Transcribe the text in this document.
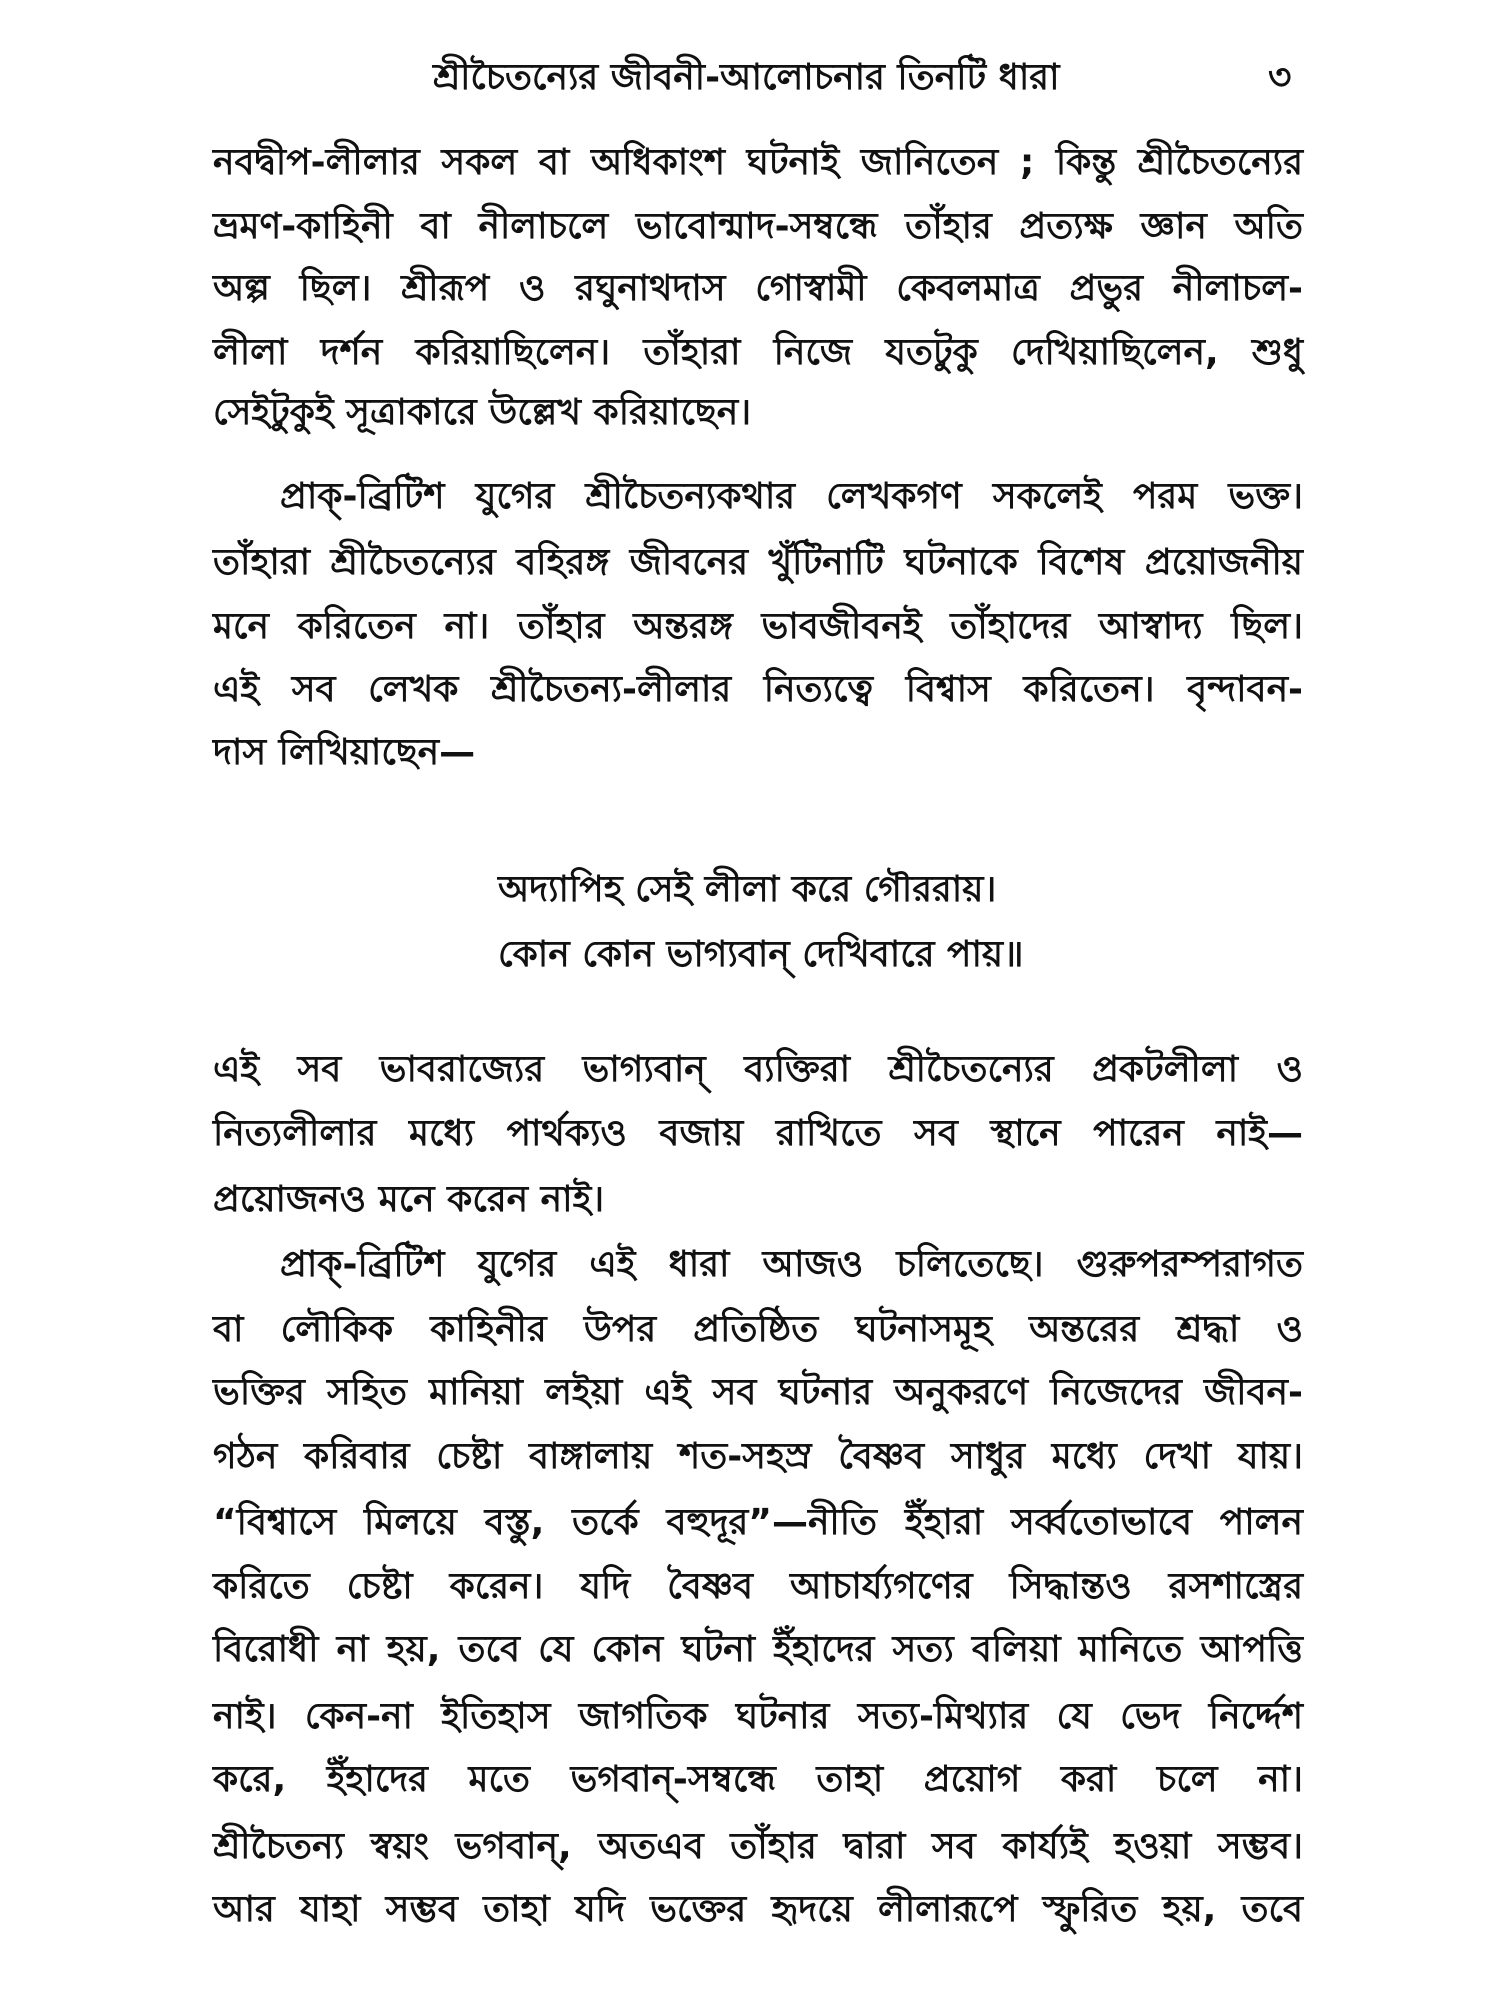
শ্রীচৈতন্যের জীবনী-আলোচনার তিনটি ধারা	৩
নবদ্বীপ-লীলার সকল বা অধিকাংশ ঘটনাই জানিতেন ; কিন্তু শ্রীচৈতন্যের
ভ্রমণ-কাহিনী বা নীলাচলে ভাবোন্মাদ-সম্বন্ধে তাঁহার প্রত্যক্ষ জ্ঞান অতি
অল্প ছিল। শ্রীরূপ ও রঘুনাথদাস গোস্বামী কেবলমাত্র প্রভুর নীলাচল-
লীলা দর্শন করিয়াছিলেন। তাঁহারা নিজে যতটুকু দেখিয়াছিলেন, শুধু
সেইটুকুই সূত্রাকারে উল্লেখ করিয়াছেন।
প্রাক্-ব্রিটিশ যুগের শ্রীচৈতন্যকথার লেখকগণ সকলেই পরম ভক্ত।
তাঁহারা শ্রীচৈতন্যের বহিরঙ্গ জীবনের খুঁটিনাটি ঘটনাকে বিশেষ প্রয়োজনীয়
মনে করিতেন না। তাঁহার অন্তরঙ্গ ভাবজীবনই তাঁহাদের আস্বাদ্য ছিল।
এই সব লেখক শ্রীচৈতন্য-লীলার নিত্যত্বে বিশ্বাস করিতেন। বৃন্দাবন-
দাস লিখিয়াছেন—
অদ্যাপিহ সেই লীলা করে গৌররায়।
কোন কোন ভাগ্যবান্ দেখিবারে পায়॥
এই সব ভাবরাজ্যের ভাগ্যবান্ ব্যক্তিরা শ্রীচৈতন্যের প্রকটলীলা ও
নিত্যলীলার মধ্যে পার্থক্যও বজায় রাখিতে সব স্থানে পারেন নাই—
প্রয়োজনও মনে করেন নাই।
প্রাক্-ব্রিটিশ যুগের এই ধারা আজও চলিতেছে। গুরুপরম্পরাগত
বা লৌকিক কাহিনীর উপর প্রতিষ্ঠিত ঘটনাসমূহ অন্তরের শ্রদ্ধা ও
ভক্তির সহিত মানিয়া লইয়া এই সব ঘটনার অনুকরণে নিজেদের জীবন-
গঠন করিবার চেষ্টা বাঙ্গালায় শত-সহস্র বৈষ্ণব সাধুর মধ্যে দেখা যায়।
“বিশ্বাসে মিলয়ে বস্তু, তর্কে বহুদূর”—নীতি ইঁহারা সর্ব্বতোভাবে পালন
করিতে চেষ্টা করেন। যদি বৈষ্ণব আচার্য্যগণের সিদ্ধান্তও রসশাস্ত্রের
বিরোধী না হয়, তবে যে কোন ঘটনা ইঁহাদের সত্য বলিয়া মানিতে আপত্তি
নাই। কেন-না ইতিহাস জাগতিক ঘটনার সত্য-মিথ্যার যে ভেদ নির্দ্দেশ
করে, ইঁহাদের মতে ভগবান্-সম্বন্ধে তাহা প্রয়োগ করা চলে না।
শ্রীচৈতন্য স্বয়ং ভগবান্, অতএব তাঁহার দ্বারা সব কার্য্যই হওয়া সম্ভব।
আর যাহা সম্ভব তাহা যদি ভক্তের হৃদয়ে লীলারূপে স্ফুরিত হয়, তবে
